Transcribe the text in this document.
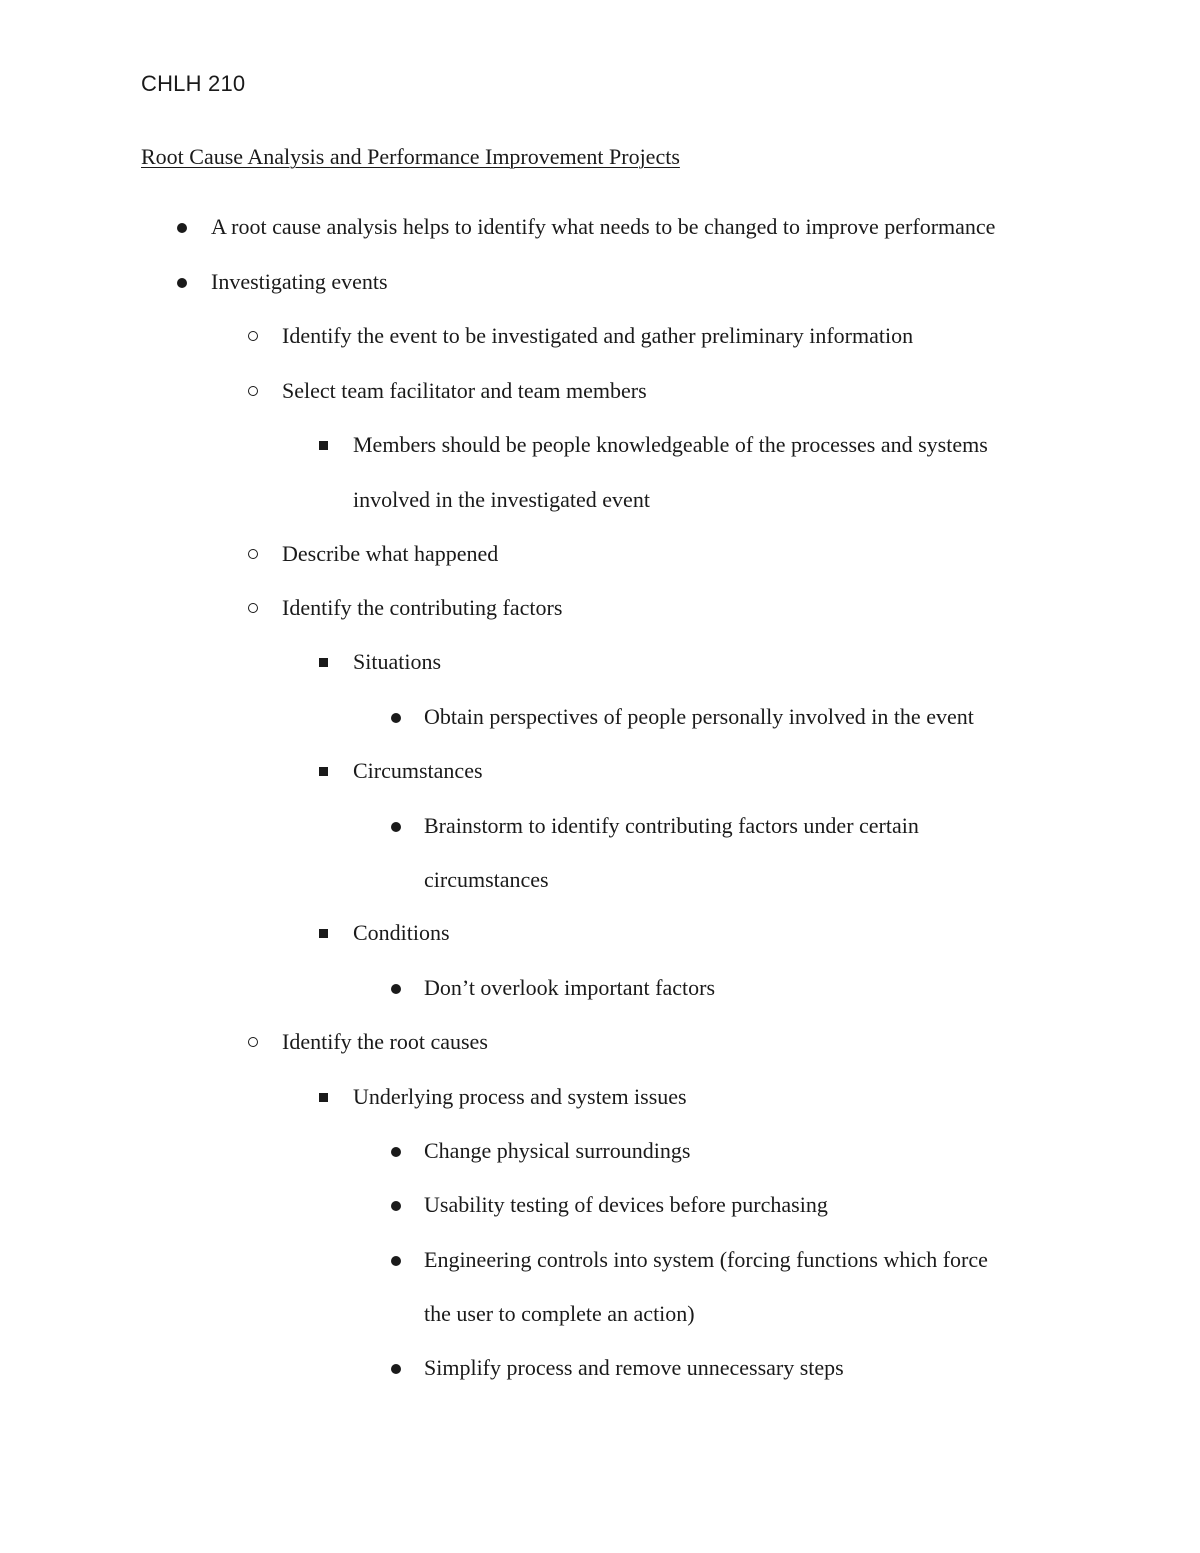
CHLH 210
Root Cause Analysis and Performance Improvement Projects
A root cause analysis helps to identify what needs to be changed to improve performance
Investigating events
Identify the event to be investigated and gather preliminary information
Select team facilitator and team members
Members should be people knowledgeable of the processes and systems
involved in the investigated event
Describe what happened
Identify the contributing factors
Situations
Obtain perspectives of people personally involved in the event
Circumstances
Brainstorm to identify contributing factors under certain
circumstances
Conditions
Don’t overlook important factors
Identify the root causes
Underlying process and system issues
Change physical surroundings
Usability testing of devices before purchasing
Engineering controls into system (forcing functions which force
the user to complete an action)
Simplify process and remove unnecessary steps
